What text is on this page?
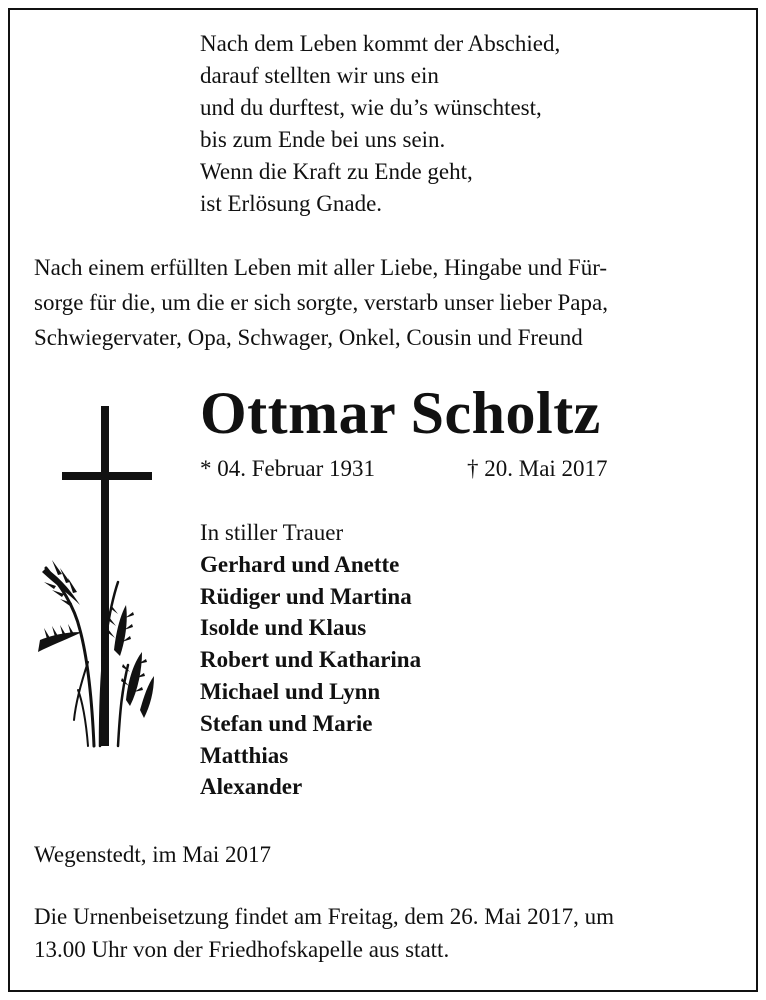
Nach dem Leben kommt der Abschied,
darauf stellten wir uns ein
und du durftest, wie du’s wünschtest,
bis zum Ende bei uns sein.
Wenn die Kraft zu Ende geht,
ist Erlösung Gnade.
Nach einem erfüllten Leben mit aller Liebe, Hingabe und Für-
sorge für die, um die er sich sorgte, verstarb unser lieber Papa,
Schwiegervater, Opa, Schwager, Onkel, Cousin und Freund
Ottmar Scholtz
* 04. Februar 1931	† 20. Mai 2017
In stiller Trauer
Gerhard und Anette
Rüdiger und Martina
Isolde und Klaus
Robert und Katharina
Michael und Lynn
Stefan und Marie
Matthias
Alexander
Wegenstedt, im Mai 2017
Die Urnenbeisetzung findet am Freitag, dem 26. Mai 2017, um
13.00 Uhr von der Friedhofskapelle aus statt.
